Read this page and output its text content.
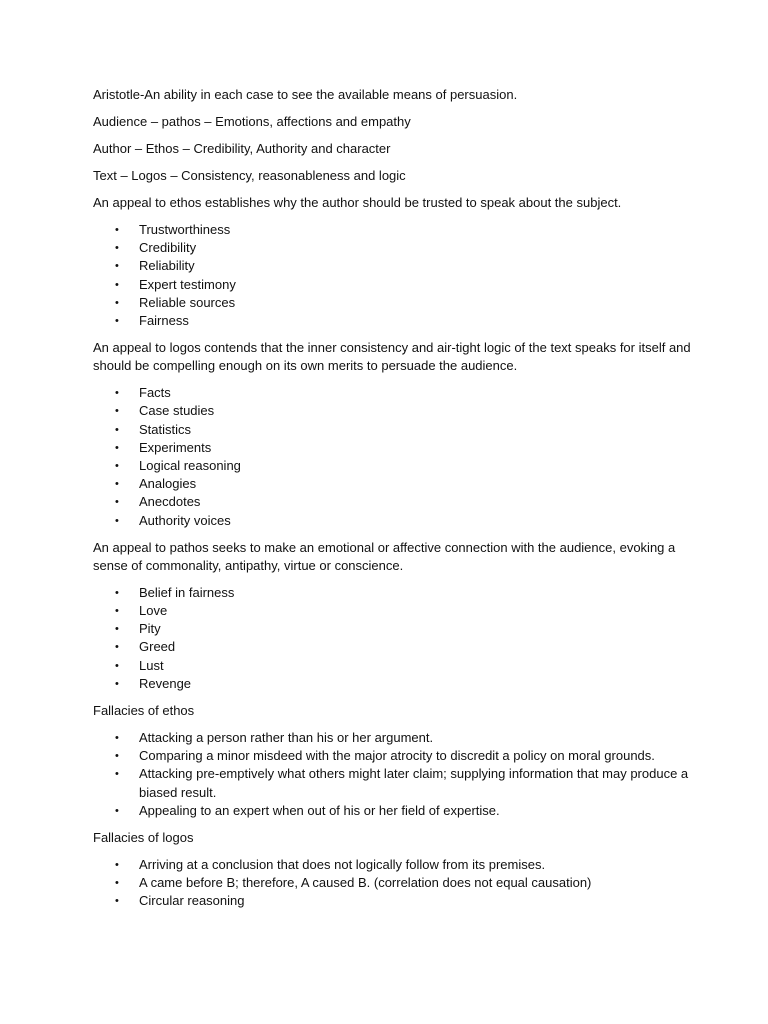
Aristotle-An ability in each case to see the available means of persuasion.

Audience – pathos – Emotions, affections and empathy

Author – Ethos – Credibility, Authority and character

Text – Logos – Consistency, reasonableness and logic

An appeal to ethos establishes why the author should be trusted to speak about the subject.

• Trustworthiness
• Credibility
• Reliability
• Expert testimony
• Reliable sources
• Fairness

An appeal to logos contends that the inner consistency and air-tight logic of the text speaks for itself and should be compelling enough on its own merits to persuade the audience.

• Facts
• Case studies
• Statistics
• Experiments
• Logical reasoning
• Analogies
• Anecdotes
• Authority voices

An appeal to pathos seeks to make an emotional or affective connection with the audience, evoking a sense of commonality, antipathy, virtue or conscience.

• Belief in fairness
• Love
• Pity
• Greed
• Lust
• Revenge

Fallacies of ethos

• Attacking a person rather than his or her argument.
• Comparing a minor misdeed with the major atrocity to discredit a policy on moral grounds.
• Attacking pre-emptively what others might later claim; supplying information that may produce a biased result.
• Appealing to an expert when out of his or her field of expertise.

Fallacies of logos

• Arriving at a conclusion that does not logically follow from its premises.
• A came before B; therefore, A caused B. (correlation does not equal causation)
• Circular reasoning
